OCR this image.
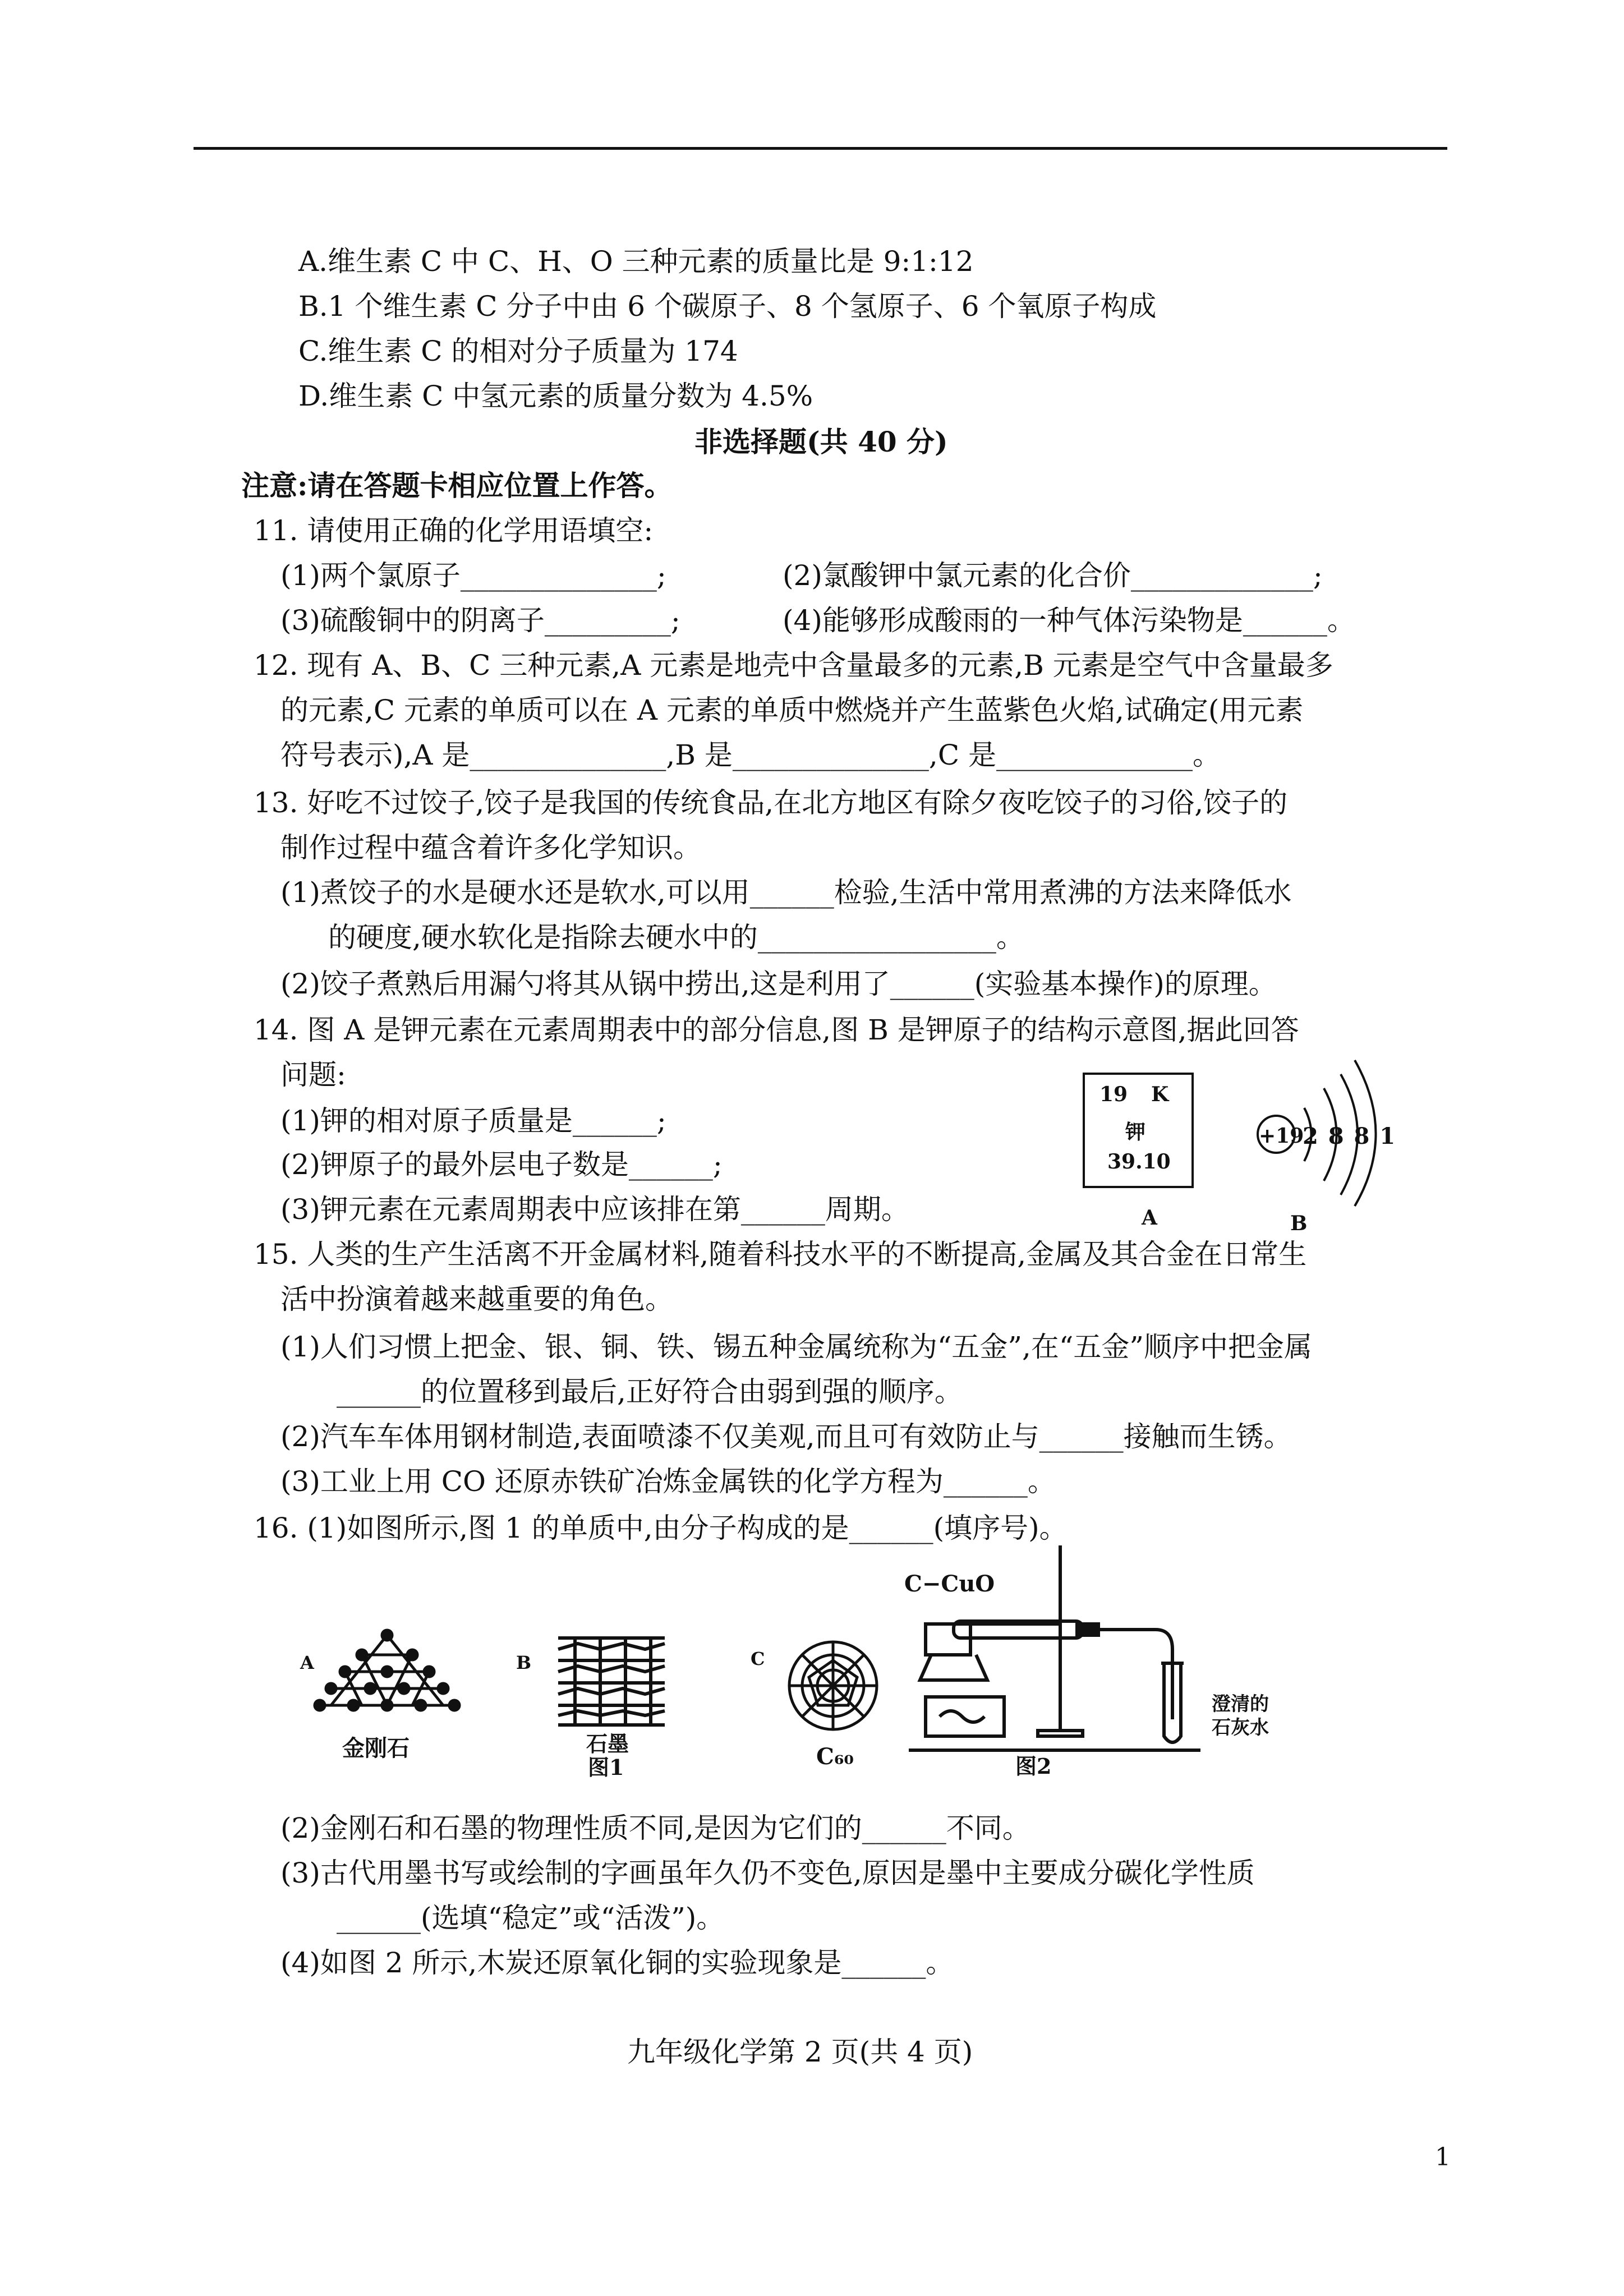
A.维生素 C 中 C、H、O 三种元素的质量比是 9:1:12
B.1 个维生素 C 分子中由 6 个碳原子、8 个氢原子、6 个氧原子构成
C.维生素 C 的相对分子质量为 174
D.维生素 C 中氢元素的质量分数为 4.5%
非选择题(共 40 分)
注意:请在答题卡相应位置上作答。
11. 请使用正确的化学用语填空:
(1)两个氯原子______________;	(2)氯酸钾中氯元素的化合价_____________;
(3)硫酸铜中的阴离子_________;	(4)能够形成酸雨的一种气体污染物是______。
12. 现有 A、B、C 三种元素,A 元素是地壳中含量最多的元素,B 元素是空气中含量最多
的元素,C 元素的单质可以在 A 元素的单质中燃烧并产生蓝紫色火焰,试确定(用元素
符号表示),A 是______________,B 是______________,C 是______________。
13. 好吃不过饺子,饺子是我国的传统食品,在北方地区有除夕夜吃饺子的习俗,饺子的
制作过程中蕴含着许多化学知识。
(1)煮饺子的水是硬水还是软水,可以用______检验,生活中常用煮沸的方法来降低水
的硬度,硬水软化是指除去硬水中的_________________。
(2)饺子煮熟后用漏勺将其从锅中捞出,这是利用了______(实验基本操作)的原理。
14. 图 A 是钾元素在元素周期表中的部分信息,图 B 是钾原子的结构示意图,据此回答
问题:
(1)钾的相对原子质量是______;
(2)钾原子的最外层电子数是______;
(3)钾元素在元素周期表中应该排在第______周期。
19 K
钾
39.10
+19
2 8 8 1
A	B
15. 人类的生产生活离不开金属材料,随着科技水平的不断提高,金属及其合金在日常生
活中扮演着越来越重要的角色。
(1)人们习惯上把金、银、铜、铁、锡五种金属统称为“五金”,在“五金”顺序中把金属
______的位置移到最后,正好符合由弱到强的顺序。
(2)汽车车体用钢材制造,表面喷漆不仅美观,而且可有效防止与______接触而生锈。
(3)工业上用 CO 还原赤铁矿冶炼金属铁的化学方程为______。
16. (1)如图所示,图 1 的单质中,由分子构成的是______(填序号)。
A
金刚石
B
石墨
图1
C
C₆₀
C−CuO
图2
澄清的
石灰水
(2)金刚石和石墨的物理性质不同,是因为它们的______不同。
(3)古代用墨书写或绘制的字画虽年久仍不变色,原因是墨中主要成分碳化学性质
______(选填“稳定”或“活泼”)。
(4)如图 2 所示,木炭还原氧化铜的实验现象是______。
九年级化学第 2 页(共 4 页)
1
